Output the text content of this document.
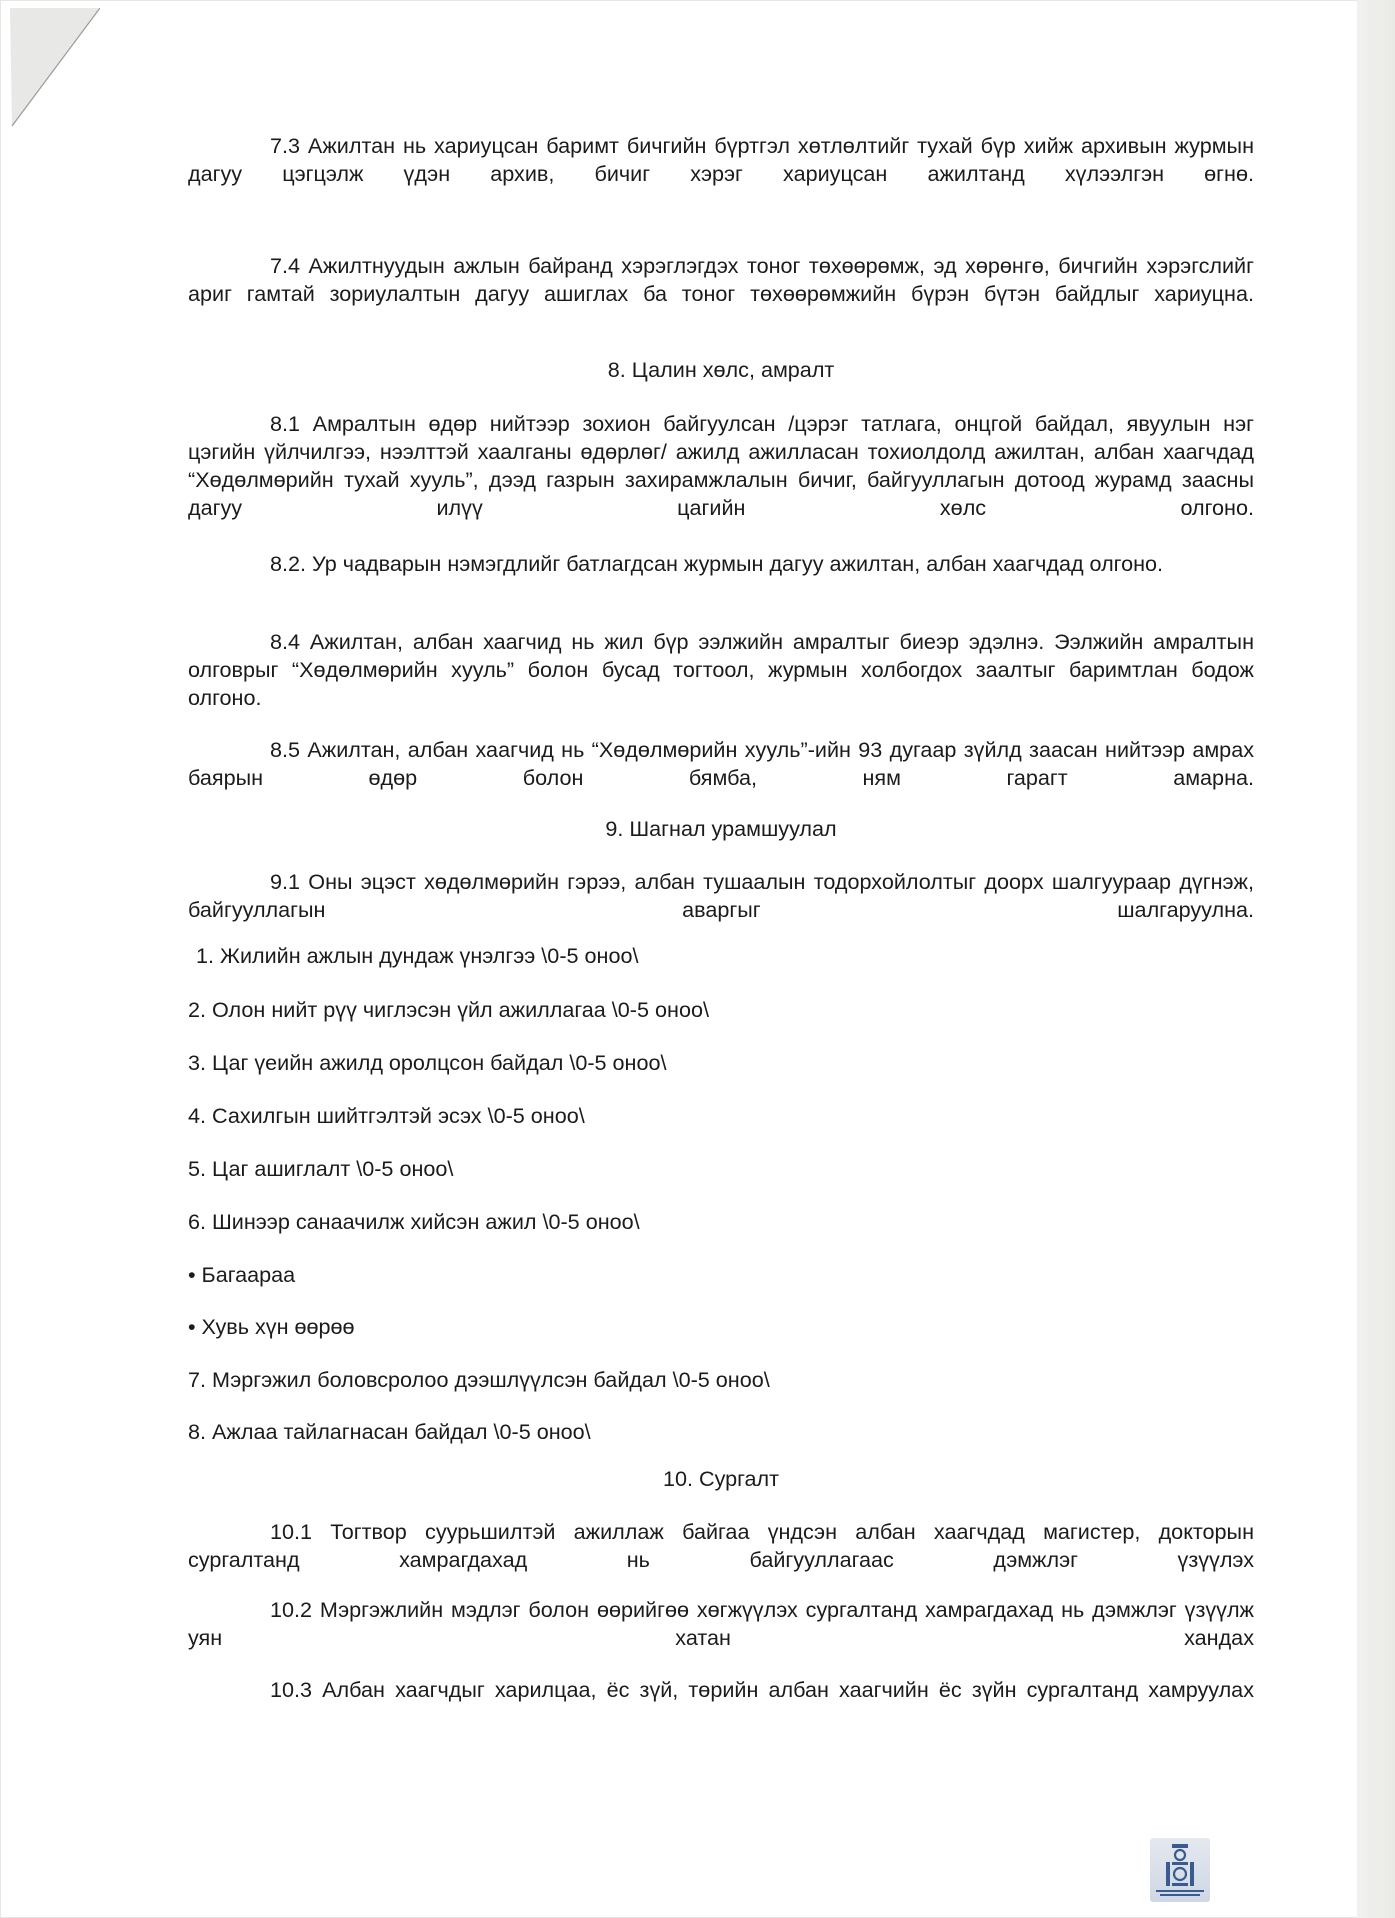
7.3 Ажилтан нь хариуцсан баримт бичгийн бүртгэл хөтлөлтийг тухай бүр хийж архивын журмын дагуу цэгцэлж үдэн архив, бичиг хэрэг хариуцсан ажилтанд хүлээлгэн өгнө.
7.4 Ажилтнуудын ажлын байранд хэрэглэгдэх тоног төхөөрөмж, эд хөрөнгө, бичгийн хэрэгслийг ариг гамтай зориулалтын дагуу ашиглах ба тоног төхөөрөмжийн бүрэн бүтэн байдлыг хариуцна.
8. Цалин хөлс, амралт
8.1 Амралтын өдөр нийтээр зохион байгуулсан /цэрэг татлага, онцгой байдал, явуулын нэг цэгийн үйлчилгээ, нээлттэй хаалганы өдөрлөг/ ажилд ажилласан тохиолдолд ажилтан, албан хаагчдад “Хөдөлмөрийн тухай хууль”, дээд газрын захирамжлалын бичиг, байгууллагын дотоод журамд заасны дагуу илүү цагийн хөлс олгоно.
8.2. Ур чадварын нэмэгдлийг батлагдсан журмын дагуу ажилтан, албан хаагчдад олгоно.
8.4 Ажилтан, албан хаагчид нь жил бүр ээлжийн амралтыг биеэр эдэлнэ. Ээлжийн амралтын олговрыг “Хөдөлмөрийн хууль” болон бусад тогтоол, журмын холбогдох заалтыг баримтлан бодож олгоно.
8.5 Ажилтан, албан хаагчид нь “Хөдөлмөрийн хууль”-ийн 93 дугаар зүйлд заасан нийтээр амрах баярын өдөр болон бямба, ням гарагт амарна.
9. Шагнал урамшуулал
9.1 Оны эцэст хөдөлмөрийн гэрээ, албан тушаалын тодорхойлолтыг доорх шалгуураар дүгнэж, байгууллагын аваргыг шалгаруулна.
1. Жилийн ажлын дундаж үнэлгээ \0-5 оноо\
2. Олон нийт рүү чиглэсэн үйл ажиллагаа \0-5 оноо\
3. Цаг үеийн ажилд оролцсон байдал \0-5 оноо\
4. Сахилгын шийтгэлтэй эсэх \0-5 оноо\
5. Цаг ашиглалт \0-5 оноо\
6. Шинээр санаачилж хийсэн ажил \0-5 оноо\
• Багаараа
• Хувь хүн өөрөө
7. Мэргэжил боловсролоо дээшлүүлсэн байдал \0-5 оноо\
8. Ажлаа тайлагнасан байдал \0-5 оноо\
10. Сургалт
10.1 Тогтвор суурьшилтэй ажиллаж байгаа үндсэн албан хаагчдад магистер, докторын сургалтанд хамрагдахад нь байгууллагаас дэмжлэг үзүүлэх
10.2 Мэргэжлийн мэдлэг болон өөрийгөө хөгжүүлэх сургалтанд хамрагдахад нь дэмжлэг үзүүлж уян хатан хандах
10.3 Албан хаагчдыг харилцаа, ёс зүй, төрийн албан хаагчийн ёс зүйн сургалтанд хамруулах
